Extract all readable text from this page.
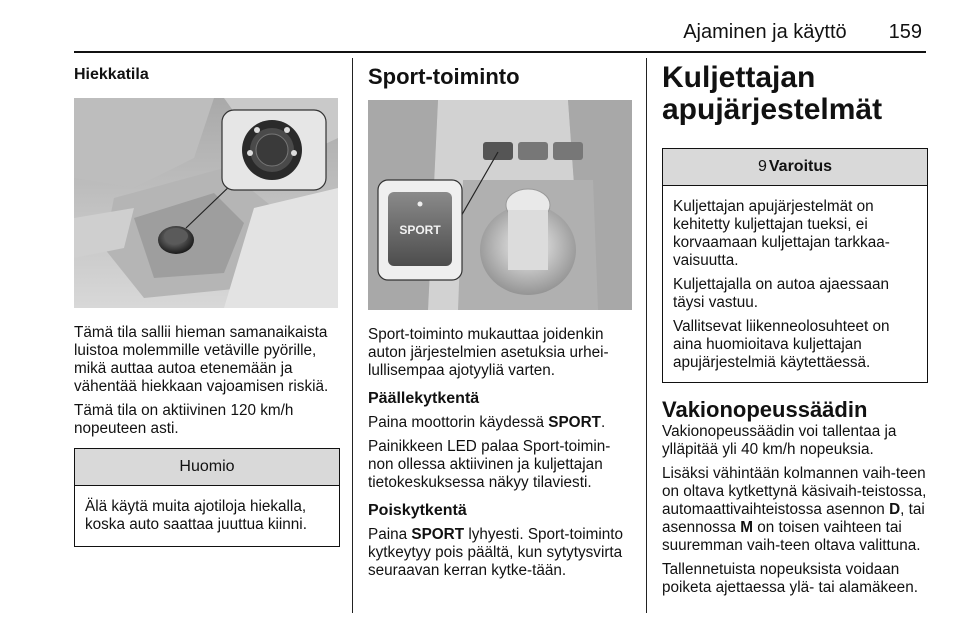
Ajaminen ja käyttö 159
Hiekkatila

Tämä tila sallii hieman samanaikaista luistoa molemmille vetäville pyörille, mikä auttaa autoa etenemään ja vähentää hiekkaan vajoamisen riskiä.

Tämä tila on aktiivinen 120 km/h nopeuteen asti.

Huomio

Älä käytä muita ajotiloja hiekalla, koska auto saattaa juuttua kiinni.

Sport-toiminto
SPORT

Sport-toiminto mukauttaa joidenkin auton järjestelmien asetuksia urhei-lullisempaa ajotyyliä varten.

Päällekytkentä

Paina moottorin käydessä SPORT.

Painikkeen LED palaa Sport-toimin-non ollessa aktiivinen ja kuljettajan tietokeskuksessa näkyy tilaviesti.

Poiskytkentä

Paina SPORT lyhyesti. Sport-toiminto kytkeytyy pois päältä, kun sytytysvirta seuraavan kerran kytke-tään.

Kuljettajan apujärjestelmät
9 Varoitus

Kuljettajan apujärjestelmät on kehitetty kuljettajan tueksi, ei korvaamaan kuljettajan tarkkaa-vaisuutta.

Kuljettajalla on autoa ajaessaan täysi vastuu.

Vallitsevat liikenneolosuhteet on aina huomioitava kuljettajan apujärjestelmiä käytettäessä.

Vakionopeussäädin

Vakionopeussäädin voi tallentaa ja ylläpitää yli 40 km/h nopeuksia.

Lisäksi vähintään kolmannen vaih-teen on oltava kytkettynä käsivaih-teistossa, automaattivaihteistossa asennon D, tai asennossa M on toisen vaihteen tai suuremman vaih-teen oltava valittuna.

Tallennetuista nopeuksista voidaan poiketa ajettaessa ylä- tai alamäkeen.
